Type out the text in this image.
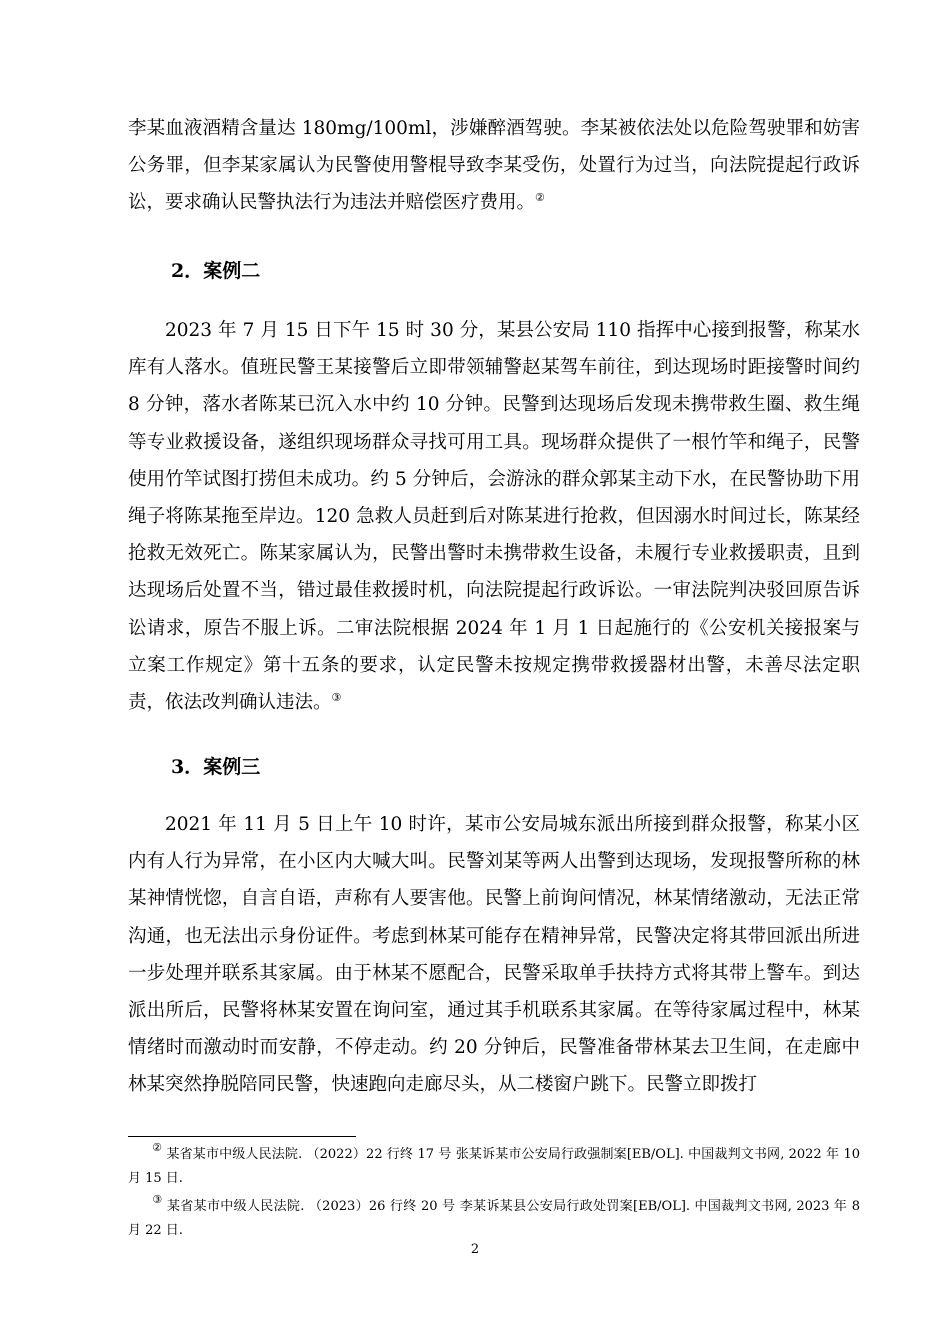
李某血液酒精含量达 180mg/100ml，涉嫌醉酒驾驶。李某被依法处以危险驾驶罪和妨害公务罪，但李某家属认为民警使用警棍导致李某受伤，处置行为过当，向法院提起行政诉讼，要求确认民警执法行为违法并赔偿医疗费用。②

2．案例二

2023 年 7 月 15 日下午 15 时 30 分，某县公安局 110 指挥中心接到报警，称某水库有人落水。值班民警王某接警后立即带领辅警赵某驾车前往，到达现场时距接警时间约 8 分钟，落水者陈某已沉入水中约 10 分钟。民警到达现场后发现未携带救生圈、救生绳等专业救援设备，遂组织现场群众寻找可用工具。现场群众提供了一根竹竿和绳子，民警使用竹竿试图打捞但未成功。约 5 分钟后，会游泳的群众郭某主动下水，在民警协助下用绳子将陈某拖至岸边。120 急救人员赶到后对陈某进行抢救，但因溺水时间过长，陈某经抢救无效死亡。陈某家属认为，民警出警时未携带救生设备，未履行专业救援职责，且到达现场后处置不当，错过最佳救援时机，向法院提起行政诉讼。一审法院判决驳回原告诉讼请求，原告不服上诉。二审法院根据 2024 年 1 月 1 日起施行的《公安机关接报案与立案工作规定》第十五条的要求，认定民警未按规定携带救援器材出警，未善尽法定职责，依法改判确认违法。③

3．案例三

2021 年 11 月 5 日上午 10 时许，某市公安局城东派出所接到群众报警，称某小区内有人行为异常，在小区内大喊大叫。民警刘某等两人出警到达现场，发现报警所称的林某神情恍惚，自言自语，声称有人要害他。民警上前询问情况，林某情绪激动，无法正常沟通，也无法出示身份证件。考虑到林某可能存在精神异常，民警决定将其带回派出所进一步处理并联系其家属。由于林某不愿配合，民警采取单手扶持方式将其带上警车。到达派出所后，民警将林某安置在询问室，通过其手机联系其家属。在等待家属过程中，林某情绪时而激动时而安静，不停走动。约 20 分钟后，民警准备带林某去卫生间，在走廊中林某突然挣脱陪同民警，快速跑向走廊尽头，从二楼窗户跳下。民警立即拨打

② 某省某市中级人民法院. （2022）22 行终 17 号 张某诉某市公安局行政强制案[EB/OL]. 中国裁判文书网, 2022 年 10 月 15 日.

③ 某省某市中级人民法院. （2023）26 行终 20 号 李某诉某县公安局行政处罚案[EB/OL]. 中国裁判文书网, 2023 年 8 月 22 日.

2
